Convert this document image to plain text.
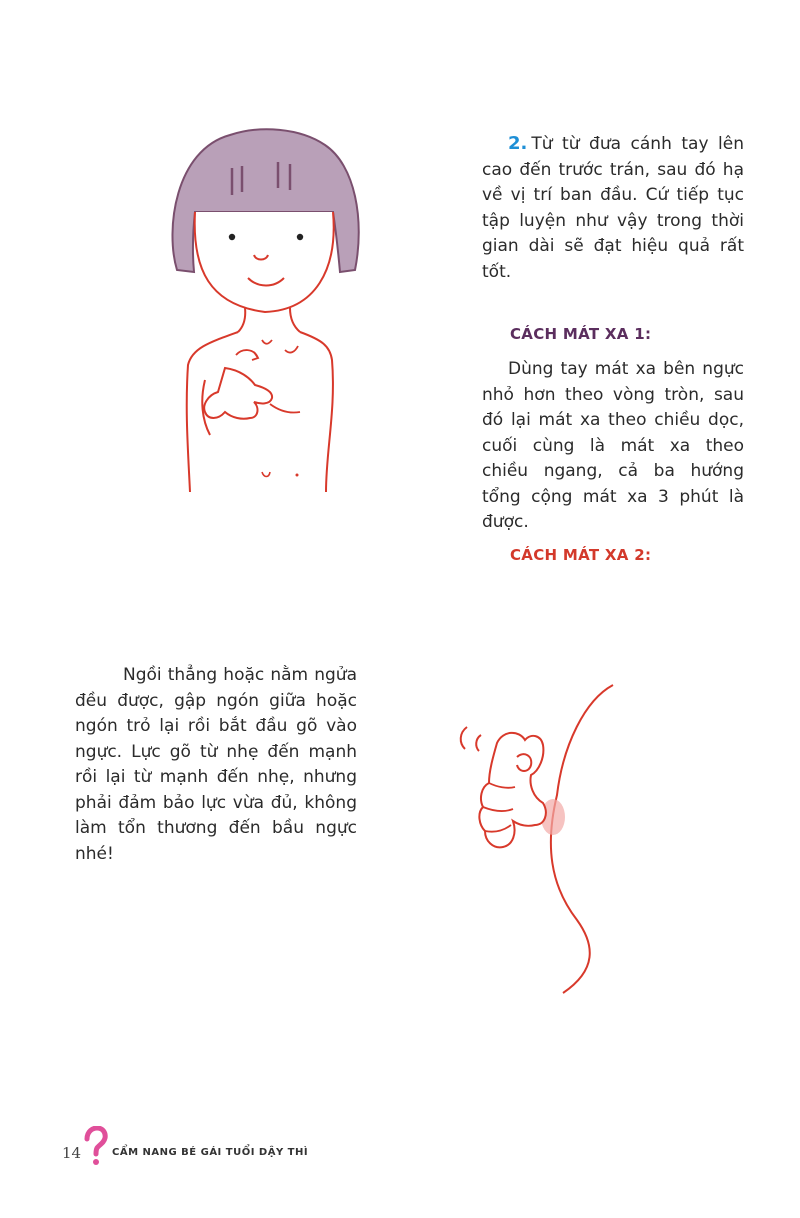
2. Từ từ đưa cánh tay lên cao đến trước trán, sau đó hạ về vị trí ban đầu. Cứ tiếp tục tập luyện như vậy trong thời gian dài sẽ đạt hiệu quả rất tốt.

CÁCH MÁT XA 1:

Dùng tay mát xa bên ngực nhỏ hơn theo vòng tròn, sau đó lại mát xa theo chiều dọc, cuối cùng là mát xa theo chiều ngang, cả ba hướng tổng cộng mát xa 3 phút là được.

CÁCH MÁT XA 2:

Ngồi thẳng hoặc nằm ngửa đều được, gập ngón giữa hoặc ngón trỏ lại rồi bắt đầu gõ vào ngực. Lực gõ từ nhẹ đến mạnh rồi lại từ mạnh đến nhẹ, nhưng phải đảm bảo lực vừa đủ, không làm tổn thương đến bầu ngực nhé!

14	CẨM NANG BÉ GÁI TUỔI DẬY THÌ
